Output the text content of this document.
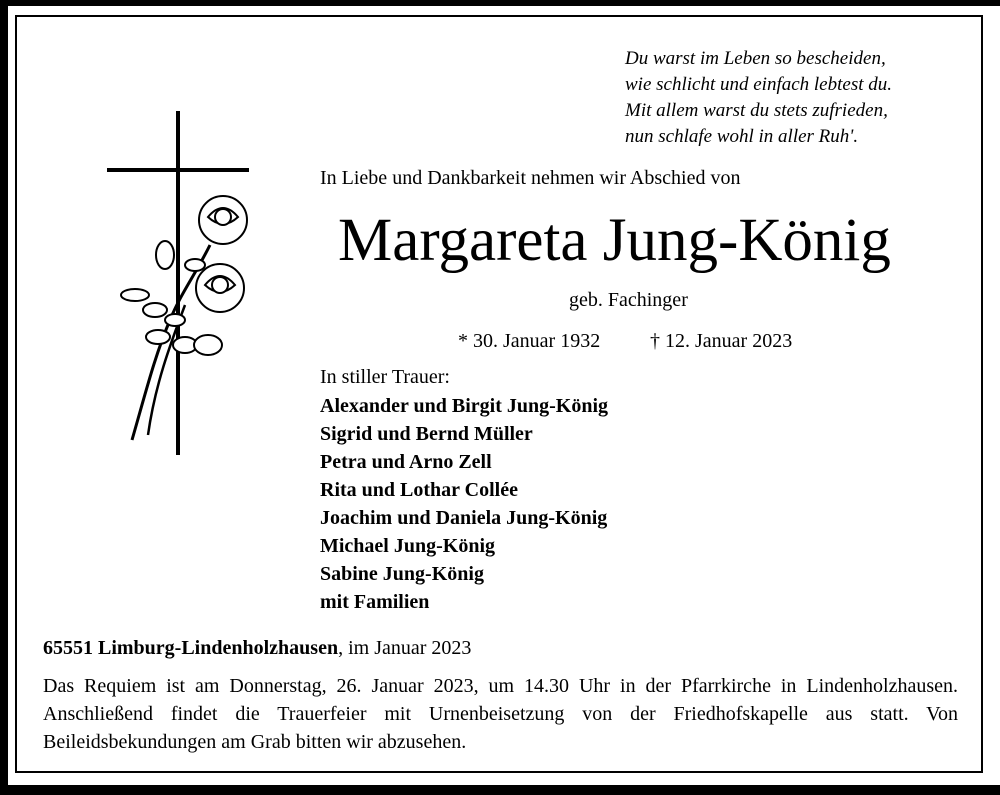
Du warst im Leben so bescheiden,
wie schlicht und einfach lebtest du.
Mit allem warst du stets zufrieden,
nun schlafe wohl in aller Ruh'.
In Liebe und Dankbarkeit nehmen wir Abschied von
Margareta Jung-König
geb. Fachinger
* 30. Januar 1932 † 12. Januar 2023
In stiller Trauer:
Alexander und Birgit Jung-König
Sigrid und Bernd Müller
Petra und Arno Zell
Rita und Lothar Collée
Joachim und Daniela Jung-König
Michael Jung-König
Sabine Jung-König
mit Familien
65551 Limburg-Lindenholzhausen, im Januar 2023
Das Requiem ist am Donnerstag, 26. Januar 2023, um 14.30 Uhr in der Pfarrkirche in Lindenholzhausen. Anschließend findet die Trauerfeier mit Urnenbeisetzung von der Friedhofskapelle aus statt. Von Beileidsbekundungen am Grab bitten wir abzusehen.
